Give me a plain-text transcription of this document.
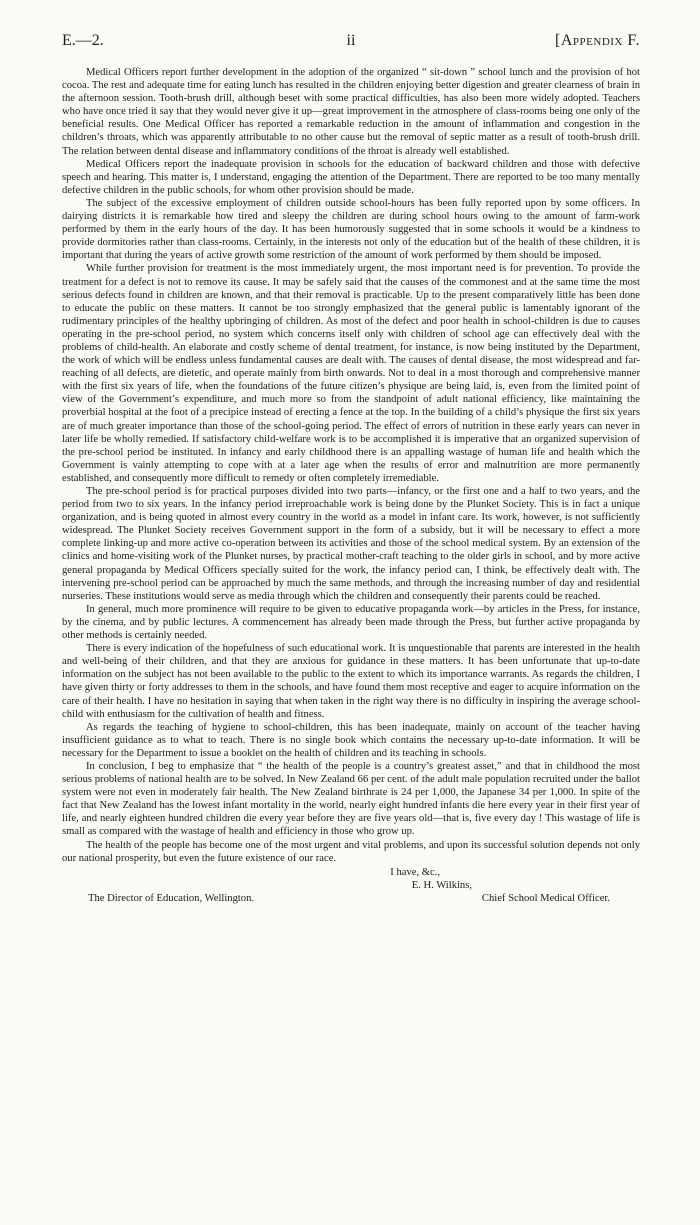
E.—2.	ii	[Appendix F.

Medical Officers report further development in the adoption of the organized “ sit-down ” school lunch and the provision of hot cocoa. The rest and adequate time for eating lunch has resulted in the children enjoying better digestion and greater clearness of brain in the afternoon session. Tooth-brush drill, although beset with some practical difficulties, has also been more widely adopted. Teachers who have once tried it say that they would never give it up—great improvement in the atmosphere of class-rooms being one only of the beneficial results. One Medical Officer has reported a remarkable reduction in the amount of inflammation and congestion in the children’s throats, which was apparently attributable to no other cause but the removal of septic matter as a result of tooth-brush drill. The relation between dental disease and inflammatory conditions of the throat is already well established.

Medical Officers report the inadequate provision in schools for the education of backward children and those with defective speech and hearing. This matter is, I understand, engaging the attention of the Department. There are reported to be too many mentally defective children in the public schools, for whom other provision should be made.

The subject of the excessive employment of children outside school-hours has been fully reported upon by some officers. In dairying districts it is remarkable how tired and sleepy the children are during school hours owing to the amount of farm-work performed by them in the early hours of the day. It has been humorously suggested that in some schools it would be a kindness to provide dormitories rather than class-rooms. Certainly, in the interests not only of the education but of the health of these children, it is important that during the years of active growth some restriction of the amount of work performed by them should be imposed.

While further provision for treatment is the most immediately urgent, the most important need is for prevention. To provide the treatment for a defect is not to remove its cause. It may be safely said that the causes of the commonest and at the same time the most serious defects found in children are known, and that their removal is practicable. Up to the present comparatively little has been done to educate the public on these matters. It cannot be too strongly emphasized that the general public is lamentably ignorant of the rudimentary principles of the healthy upbringing of children. As most of the defect and poor health in school-children is due to causes operating in the pre-school period, no system which concerns itself only with children of school age can effectively deal with the problems of child-health. An elaborate and costly scheme of dental treatment, for instance, is now being instituted by the Department, the work of which will be endless unless fundamental causes are dealt with. The causes of dental disease, the most widespread and far-reaching of all defects, are dietetic, and operate mainly from birth onwards. Not to deal in a most thorough and comprehensive manner with the first six years of life, when the foundations of the future citizen’s physique are being laid, is, even from the limited point of view of the Government’s expenditure, and much more so from the standpoint of adult national efficiency, like maintaining the proverbial hospital at the foot of a precipice instead of erecting a fence at the top. In the building of a child’s physique the first six years are of much greater importance than those of the school-going period. The effect of errors of nutrition in these early years can never in later life be wholly remedied. If satisfactory child-welfare work is to be accomplished it is imperative that an organized supervision of the pre-school period be instituted. In infancy and early childhood there is an appalling wastage of human life and health which the Government is vainly attempting to cope with at a later age when the results of error and malnutrition are more permanently established, and consequently more difficult to remedy or often completely irremediable.

The pre-school period is for practical purposes divided into two parts—infancy, or the first one and a half to two years, and the period from two to six years. In the infancy period irreproachable work is being done by the Plunket Society. This is in fact a unique organization, and is being quoted in almost every country in the world as a model in infant care. Its work, however, is not sufficiently widespread. The Plunket Society receives Government support in the form of a subsidy, but it will be necessary to effect a more complete linking-up and more active co-operation between its activities and those of the school medical system. By an extension of the clinics and home-visiting work of the Plunket nurses, by practical mother-craft teaching to the older girls in school, and by more active general propaganda by Medical Officers specially suited for the work, the infancy period can, I think, be effectively dealt with. The intervening pre-school period can be approached by much the same methods, and through the increasing number of day and residential nurseries. These institutions would serve as media through which the children and consequently their parents could be reached.

In general, much more prominence will require to be given to educative propaganda work—by articles in the Press, for instance, by the cinema, and by public lectures. A commencement has already been made through the Press, but further active propaganda by other methods is certainly needed.

There is every indication of the hopefulness of such educational work. It is unquestionable that parents are interested in the health and well-being of their children, and that they are anxious for guidance in these matters. It has been unfortunate that up-to-date information on the subject has not been available to the public to the extent to which its importance warrants. As regards the children, I have given thirty or forty addresses to them in the schools, and have found them most receptive and eager to acquire information on the care of their health. I have no hesitation in saying that when taken in the right way there is no difficulty in inspiring the average school-child with enthusiasm for the cultivation of health and fitness.

As regards the teaching of hygiene to school-children, this has been inadequate, mainly on account of the teacher having insufficient guidance as to what to teach. There is no single book which contains the necessary up-to-date information. It will be necessary for the Department to issue a booklet on the health of children and its teaching in schools.

In conclusion, I beg to emphasize that “ the health of the people is a country’s greatest asset,” and that in childhood the most serious problems of national health are to be solved. In New Zealand 66 per cent. of the adult male population recruited under the ballot system were not even in moderately fair health. The New Zealand birthrate is 24 per 1,000, the Japanese 34 per 1,000. In spite of the fact that New Zealand has the lowest infant mortality in the world, nearly eight hundred infants die here every year in their first year of life, and nearly eighteen hundred children die every year before they are five years old—that is, five every day ! This wastage of life is small as compared with the wastage of health and efficiency in those who grow up.

The health of the people has become one of the most urgent and vital problems, and upon its successful solution depends not only our national prosperity, but even the future existence of our race.

I have, &c.,
E. H. Wilkins,
The Director of Education, Wellington.	Chief School Medical Officer.
